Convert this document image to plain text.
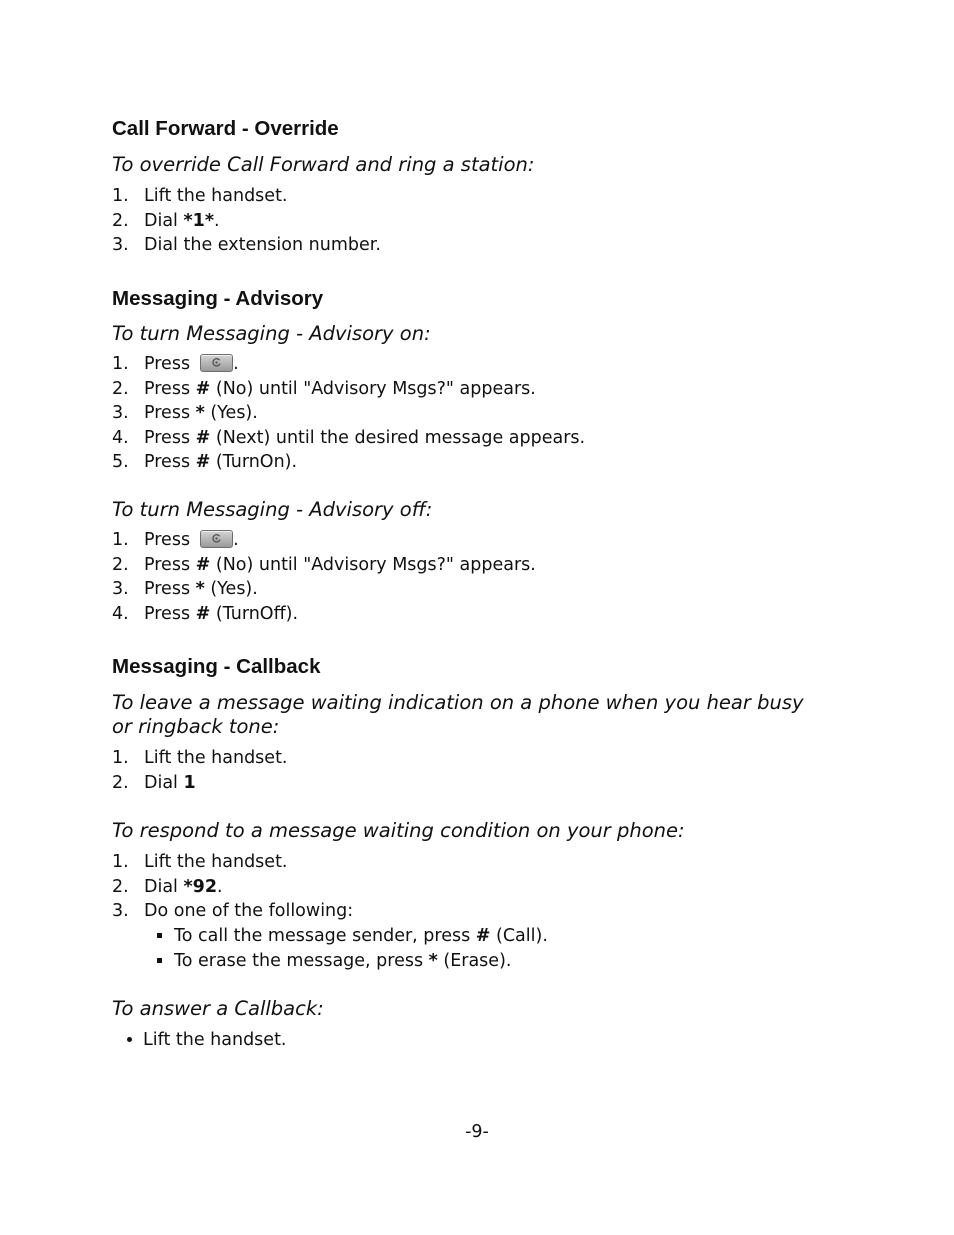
Call Forward - Override

To override Call Forward and ring a station:

1. Lift the handset.
2. Dial *1*.
3. Dial the extension number.
Messaging - Advisory

To turn Messaging - Advisory on:

1. Press .
2. Press # (No) until "Advisory Msgs?" appears.
3. Press * (Yes).
4. Press # (Next) until the desired message appears.
5. Press # (TurnOn).

To turn Messaging - Advisory off:

1. Press .
2. Press # (No) until "Advisory Msgs?" appears.
3. Press * (Yes).
4. Press # (TurnOff).
Messaging - Callback

To leave a message waiting indication on a phone when you hear busy

or ringback tone:

1. Lift the handset.
2. Dial 1

To respond to a message waiting condition on your phone:

1. Lift the handset.
2. Dial *92.
3. Do one of the following:
To call the message sender, press # (Call).
To erase the message, press * (Erase).

To answer a Callback:

Lift the handset.
-9-
